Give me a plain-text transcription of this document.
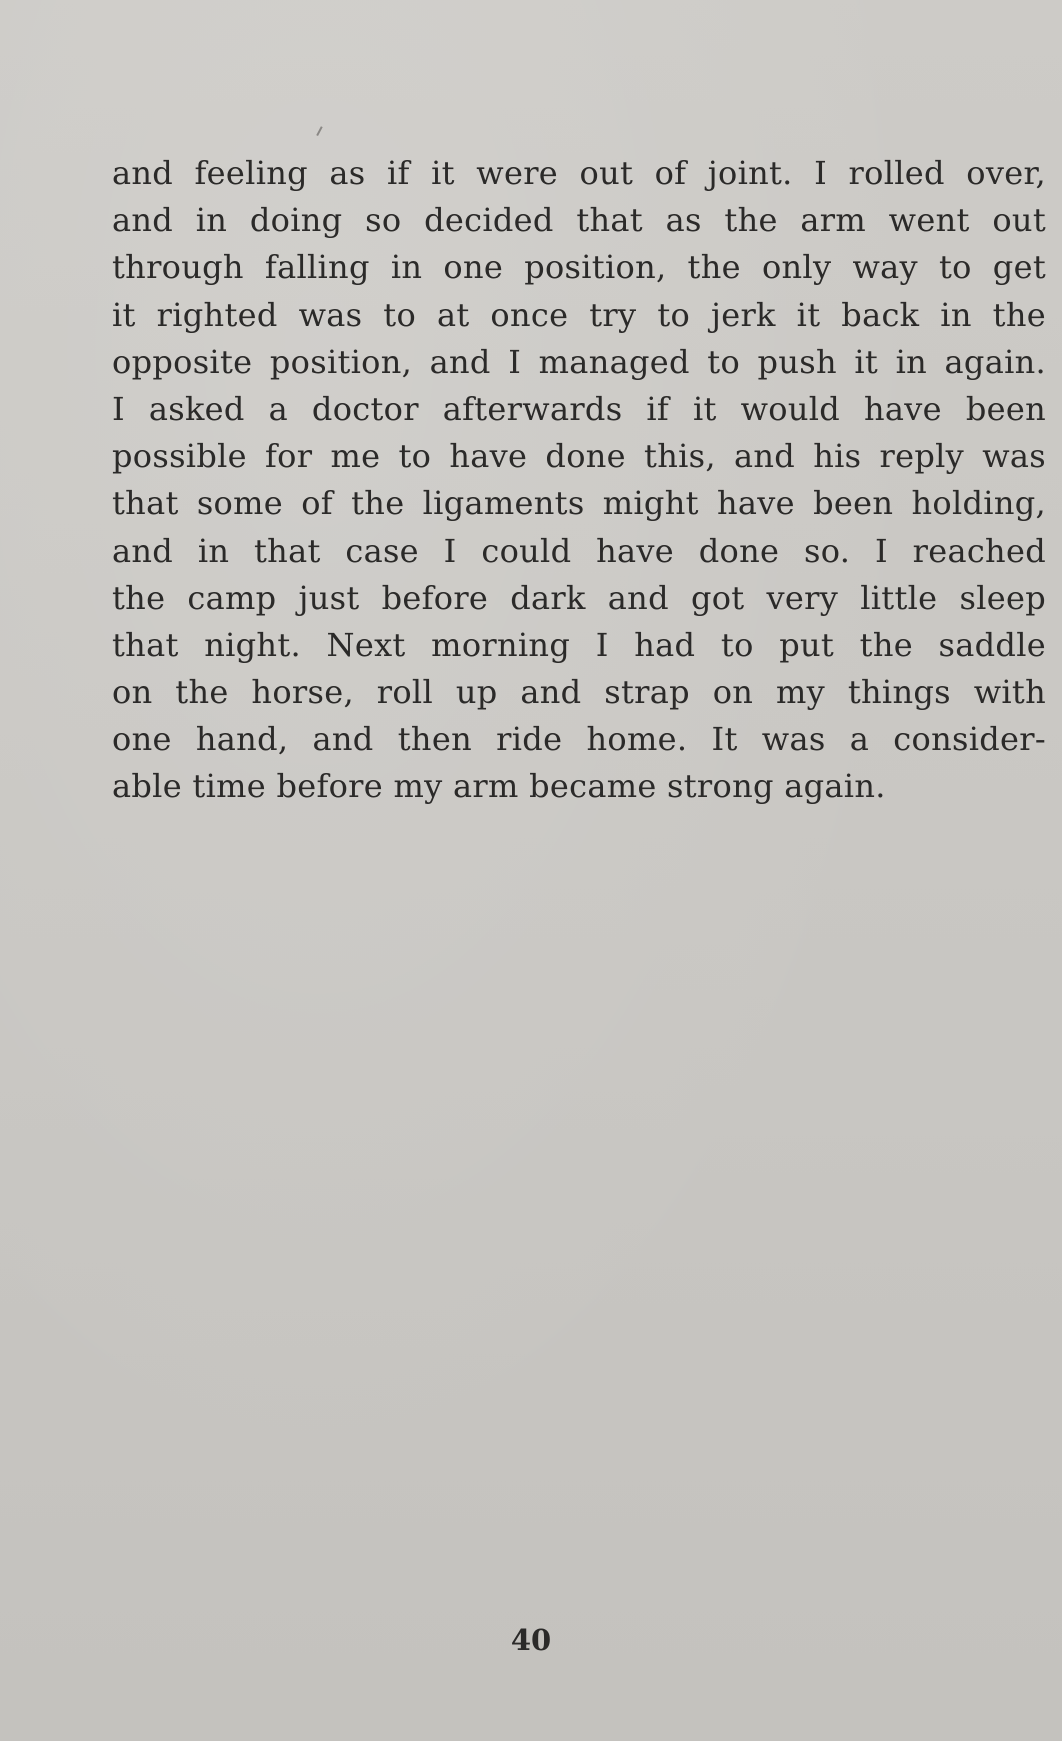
and feeling as if it were out of joint. I rolled over,
and in doing so decided that as the arm went out
through falling in one position, the only way to get
it righted was to at once try to jerk it back in the
opposite position, and I managed to push it in again.
I asked a doctor afterwards if it would have been
possible for me to have done this, and his reply was
that some of the ligaments might have been holding,
and in that case I could have done so. I reached
the camp just before dark and got very little sleep
that night. Next morning I had to put the saddle
on the horse, roll up and strap on my things with
one hand, and then ride home. It was a consider-
able time before my arm became strong again.
40
